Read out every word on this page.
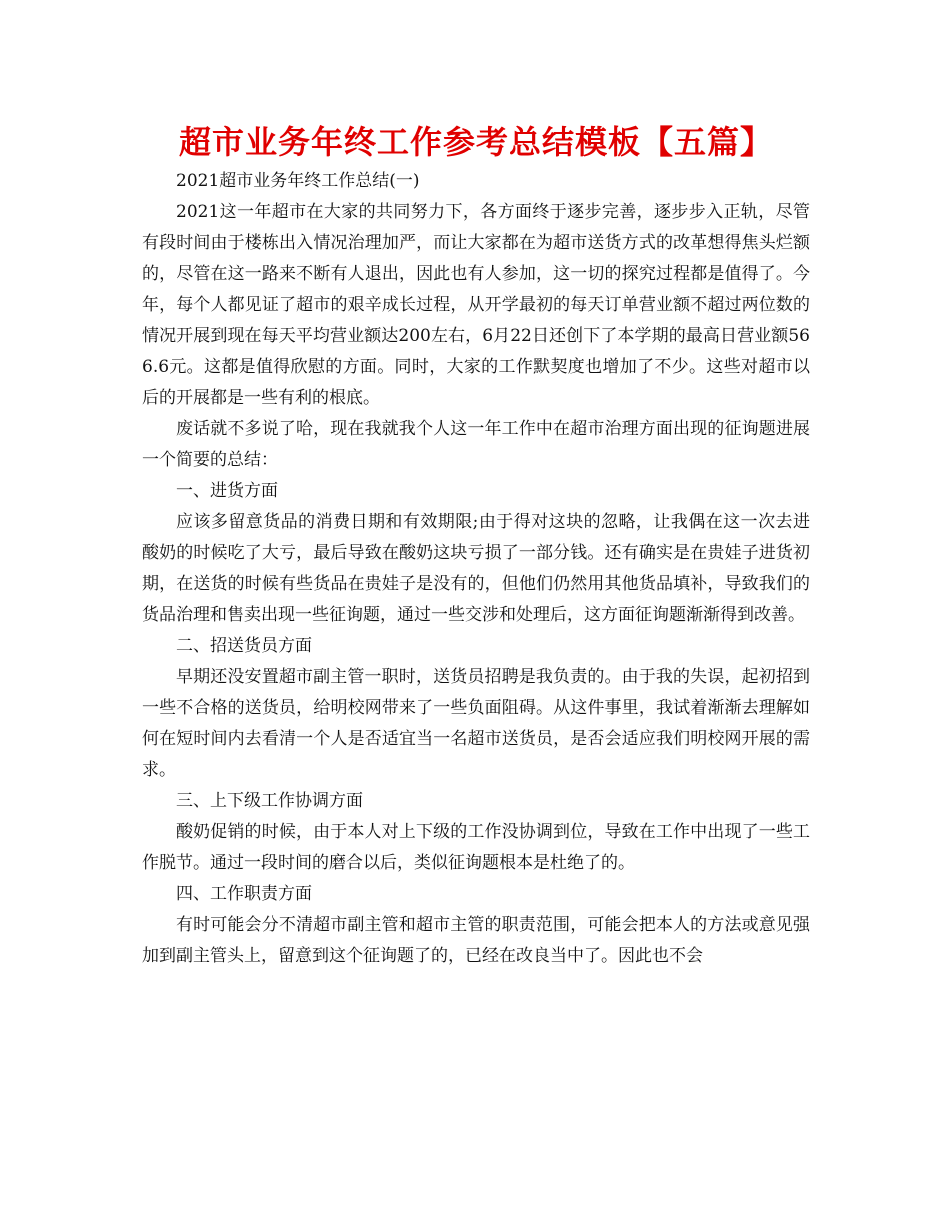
超市业务年终工作参考总结模板【五篇】

2021超市业务年终工作总结(一)

2021这一年超市在大家的共同努力下，各方面终于逐步完善，逐步步入正轨，尽管有段时间由于楼栋出入情况治理加严，而让大家都在为超市送货方式的改革想得焦头烂额的，尽管在这一路来不断有人退出，因此也有人参加，这一切的探究过程都是值得了。今年，每个人都见证了超市的艰辛成长过程，从开学最初的每天订单营业额不超过两位数的情况开展到现在每天平均营业额达200左右，6月22日还创下了本学期的最高日营业额566.6元。这都是值得欣慰的方面。同时，大家的工作默契度也增加了不少。这些对超市以后的开展都是一些有利的根底。

废话就不多说了哈，现在我就我个人这一年工作中在超市治理方面出现的征询题进展一个简要的总结：

一、进货方面

应该多留意货品的消费日期和有效期限;由于得对这块的忽略，让我偶在这一次去进酸奶的时候吃了大亏，最后导致在酸奶这块亏损了一部分钱。还有确实是在贵娃子进货初期，在送货的时候有些货品在贵娃子是没有的，但他们仍然用其他货品填补，导致我们的货品治理和售卖出现一些征询题，通过一些交涉和处理后，这方面征询题渐渐得到改善。

二、招送货员方面

早期还没安置超市副主管一职时，送货员招聘是我负责的。由于我的失误，起初招到一些不合格的送货员，给明校网带来了一些负面阻碍。从这件事里，我试着渐渐去理解如何在短时间内去看清一个人是否适宜当一名超市送货员，是否会适应我们明校网开展的需求。

三、上下级工作协调方面

酸奶促销的时候，由于本人对上下级的工作没协调到位，导致在工作中出现了一些工作脱节。通过一段时间的磨合以后，类似征询题根本是杜绝了的。

四、工作职责方面

有时可能会分不清超市副主管和超市主管的职责范围，可能会把本人的方法或意见强加到副主管头上，留意到这个征询题了的，已经在改良当中了。因此也不会
